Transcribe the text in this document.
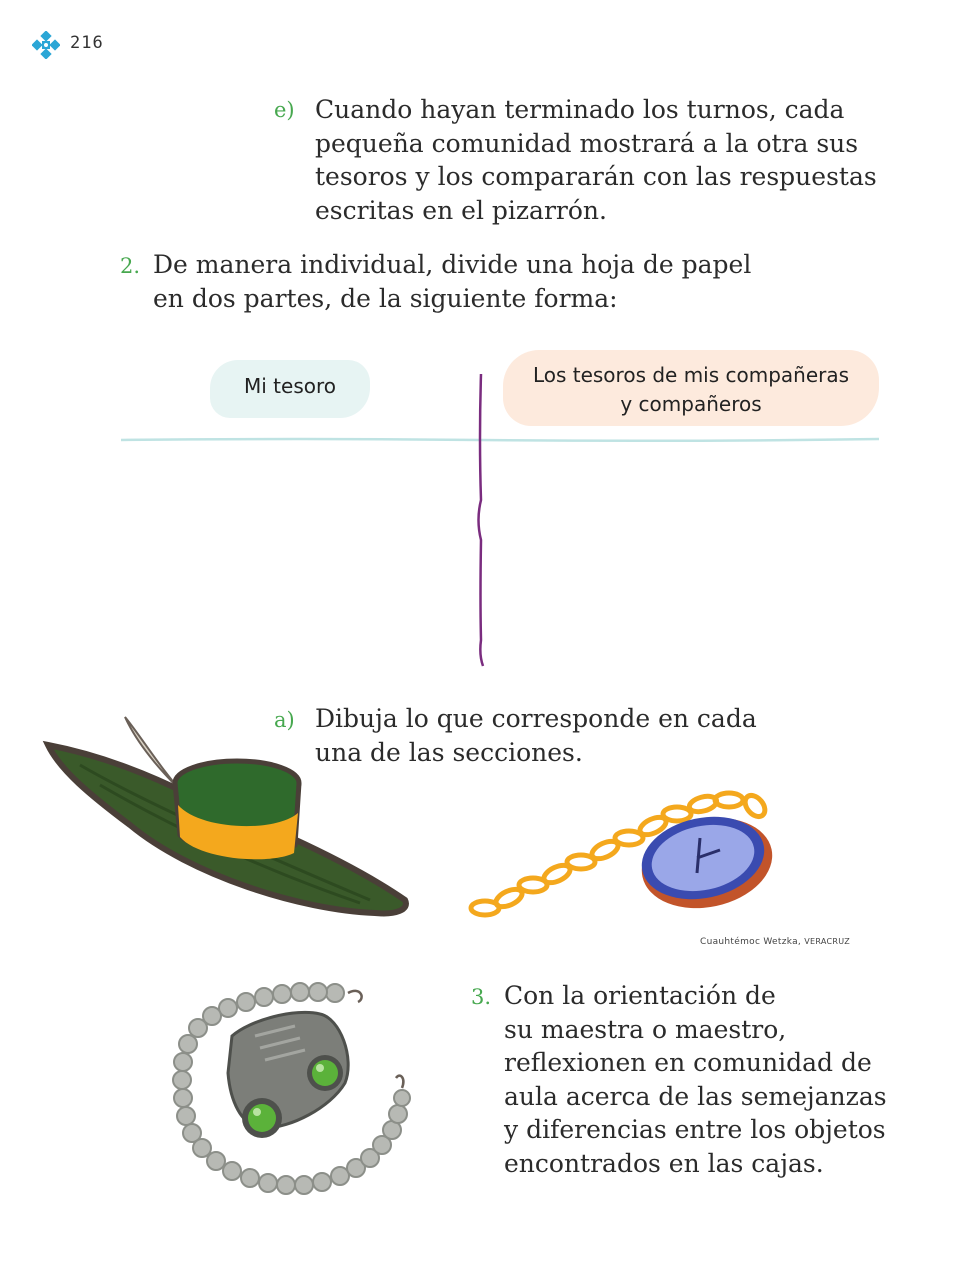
216
e) Cuando hayan terminado los turnos, cada
pequeña comunidad mostrará a la otra sus
tesoros y los compararán con las respuestas
escritas en el pizarrón.
2. De manera individual, divide una hoja de papel
en dos partes, de la siguiente forma:
Mi tesoro	Los tesoros de mis compañeras
y compañeros
a) Dibuja lo que corresponde en cada
una de las secciones.
Cuauhtémoc Wetzka, VERACRUZ
3. Con la orientación de
su maestra o maestro,
reflexionen en comunidad de
aula acerca de las semejanzas
y diferencias entre los objetos
encontrados en las cajas.
